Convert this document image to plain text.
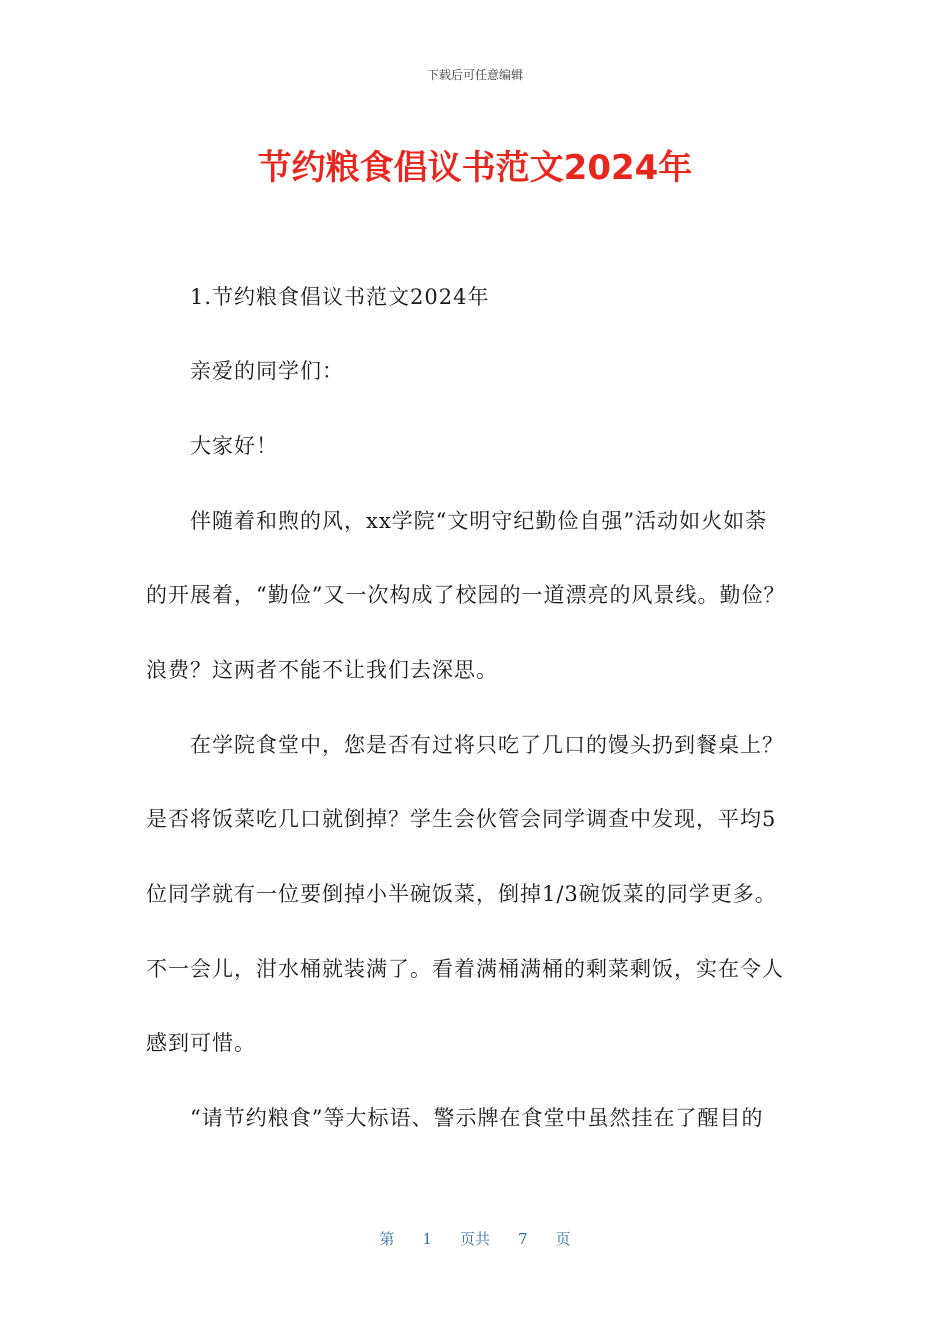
下载后可任意编辑
节约粮食倡议书范文2024年
1.节约粮食倡议书范文2024年
亲爱的同学们：
大家好！
伴随着和煦的风，xx学院“文明守纪勤俭自强”活动如火如荼
的开展着，“勤俭”又一次构成了校园的一道漂亮的风景线。勤俭？
浪费？这两者不能不让我们去深思。
在学院食堂中，您是否有过将只吃了几口的馒头扔到餐桌上？
是否将饭菜吃几口就倒掉？学生会伙管会同学调查中发现，平均5
位同学就有一位要倒掉小半碗饭菜，倒掉1/3碗饭菜的同学更多。
不一会儿，泔水桶就装满了。看着满桶满桶的剩菜剩饭，实在令人
感到可惜。
“请节约粮食”等大标语、警示牌在食堂中虽然挂在了醒目的
第 1 页共 7 页
